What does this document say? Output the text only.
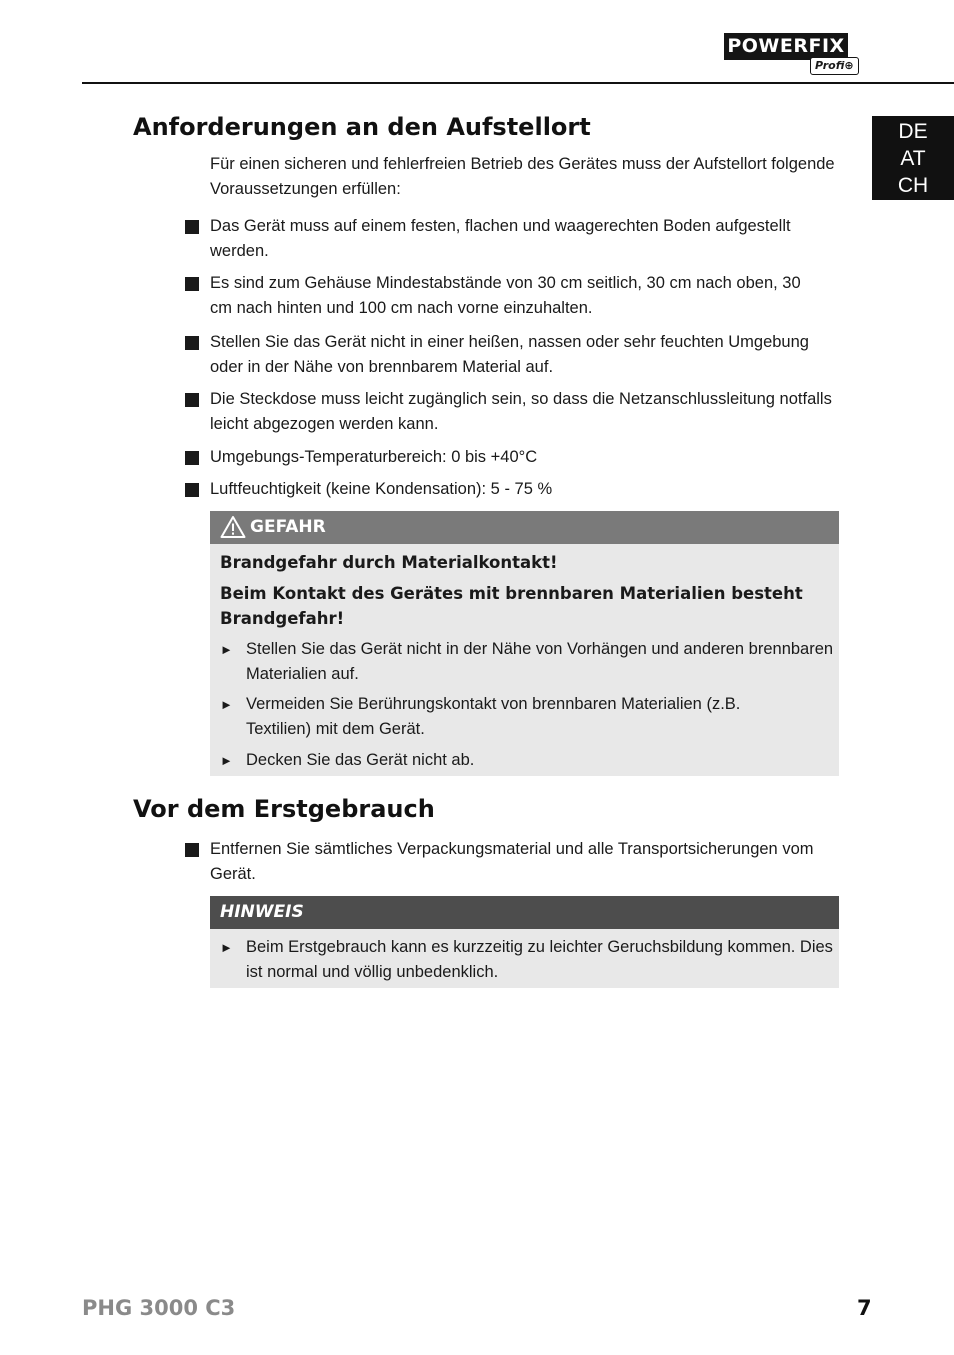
POWERFIX
Profi⊕
DE
AT
CH
Anforderungen an den Aufstellort

Für einen sicheren und fehlerfreien Betrieb des Gerätes muss der Aufstellort folgende Voraussetzungen erfüllen:

Das Gerät muss auf einem festen, flachen und waagerechten Boden aufgestellt werden.
Es sind zum Gehäuse Mindestabstände von 30 cm seitlich, 30 cm nach oben, 30 cm nach hinten und 100 cm nach vorne einzuhalten.
Stellen Sie das Gerät nicht in einer heißen, nassen oder sehr feuchten Umgebung oder in der Nähe von brennbarem Material auf.
Die Steckdose muss leicht zugänglich sein, so dass die Netzanschlussleitung notfalls leicht abgezogen werden kann.
Umgebungs-Temperaturbereich: 0 bis +40°C
Luftfeuchtigkeit (keine Kondensation): 5 - 75 %
GEFAHR
Brandgefahr durch Materialkontakt!
Beim Kontakt des Gerätes mit brennbaren Materialien besteht Brandgefahr!
► Stellen Sie das Gerät nicht in der Nähe von Vorhängen und anderen brennbaren Materialien auf.
► Vermeiden Sie Berührungskontakt von brennbaren Materialien (z.B. Textilien) mit dem Gerät.
► Decken Sie das Gerät nicht ab.
Vor dem Erstgebrauch
Entfernen Sie sämtliches Verpackungsmaterial und alle Transportsicherungen vom Gerät.
HINWEIS
► Beim Erstgebrauch kann es kurzzeitig zu leichter Geruchsbildung kommen. Dies ist normal und völlig unbedenklich.
PHG 3000 C3	7
